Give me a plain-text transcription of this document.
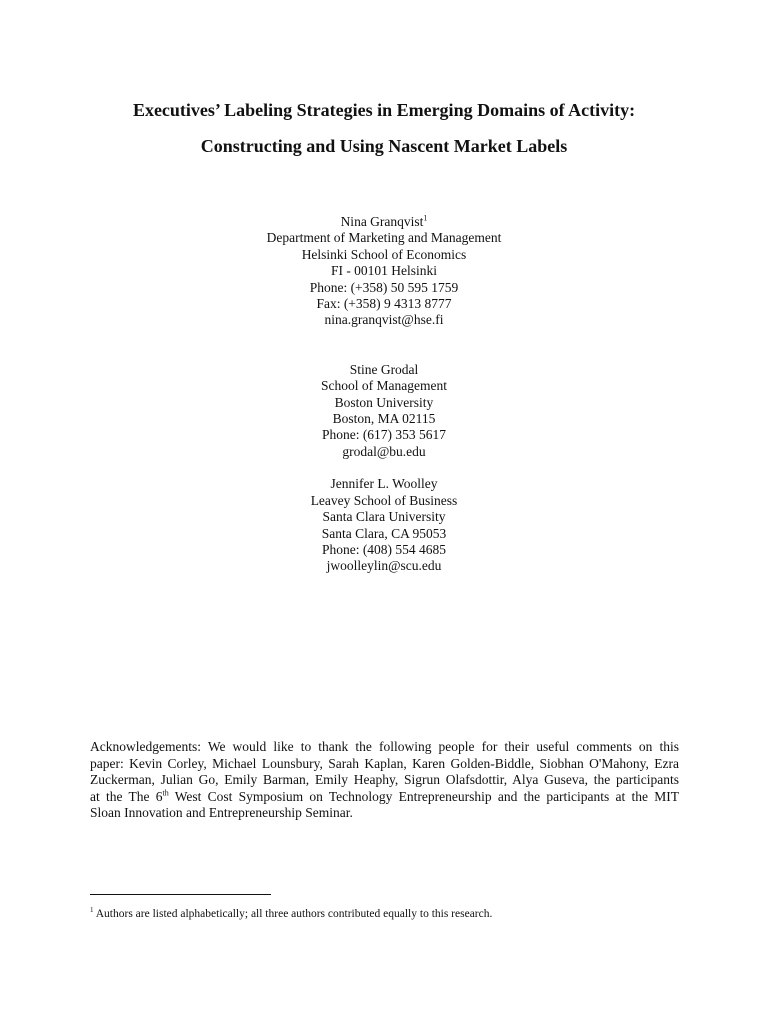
Executives’ Labeling Strategies in Emerging Domains of Activity:
Constructing and Using Nascent Market Labels
Nina Granqvist$^1$
Department of Marketing and Management
Helsinki School of Economics
FI - 00101 Helsinki
Phone: (+358) 50 595 1759
Fax: (+358) 9 4313 8777
nina.granqvist@hse.fi
Stine Grodal
School of Management
Boston University
Boston, MA 02115
Phone: (617) 353 5617
grodal@bu.edu
Jennifer L. Woolley
Leavey School of Business
Santa Clara University
Santa Clara, CA 95053
Phone: (408) 554 4685
jwoolleylin@scu.edu
Acknowledgements: We would like to thank the following people for their useful comments on this
paper: Kevin Corley, Michael Lounsbury, Sarah Kaplan, Karen Golden-Biddle, Siobhan O'Mahony, Ezra
Zuckerman, Julian Go, Emily Barman, Emily Heaphy, Sigrun Olafsdottir, Alya Guseva, the participants
at the The 6th West Cost Symposium on Technology Entrepreneurship and the participants at the MIT
Sloan Innovation and Entrepreneurship Seminar.
$^1$ Authors are listed alphabetically; all three authors contributed equally to this research.
